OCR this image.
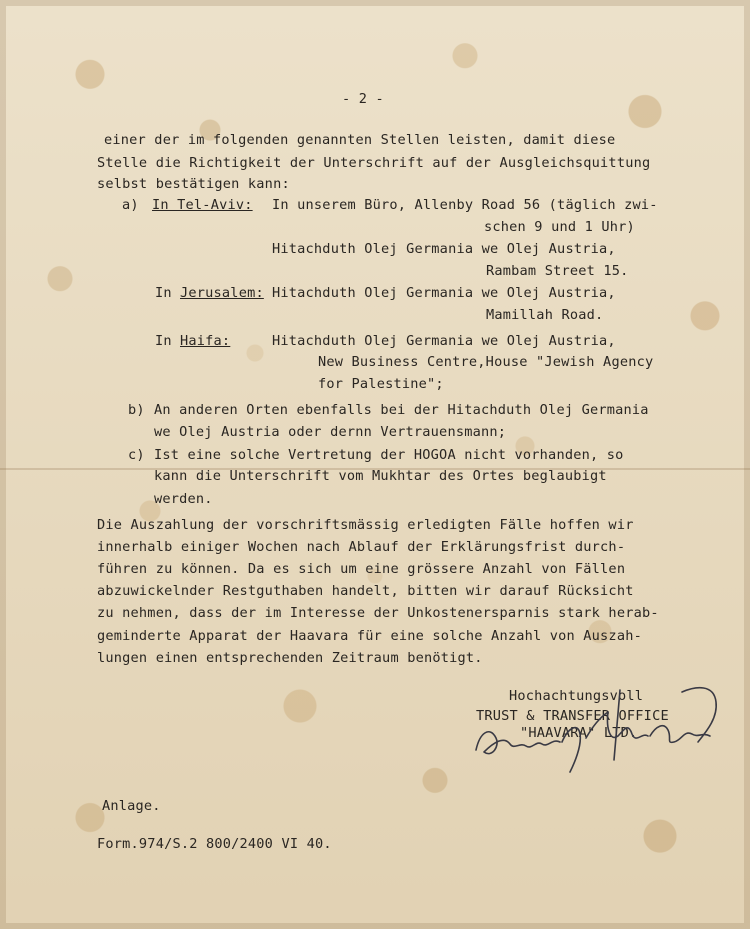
- 2 -
einer der im folgenden genannten Stellen leisten, damit diese
Stelle die Richtigkeit der Unterschrift auf der Ausgleichsquittung
selbst bestätigen kann:
a) In Tel-Aviv: In unserem Büro, Allenby Road 56 (täglich zwi-
schen 9 und 1 Uhr)
Hitachduth Olej Germania we Olej Austria,
Rambam Street 15.
In Jerusalem: Hitachduth Olej Germania we Olej Austria,
Mamillah Road.
In Haifa:	Hitachduth Olej Germania we Olej Austria,
New Business Centre,House "Jewish Agency
for Palestine";
b) An anderen Orten ebenfalls bei der Hitachduth Olej Germania
we Olej Austria oder dernn Vertrauensmann;
c) Ist eine solche Vertretung der HOGOA nicht vorhanden, so
kann die Unterschrift vom Mukhtar des Ortes beglaubigt
werden.
Die Auszahlung der vorschriftsmässig erledigten Fälle hoffen wir
innerhalb einiger Wochen nach Ablauf der Erklärungsfrist durch-
führen zu können. Da es sich um eine grössere Anzahl von Fällen
abzuwickelnder Restguthaben handelt, bitten wir darauf Rücksicht
zu nehmen, dass der im Interesse der Unkostenersparnis stark herab-
geminderte Apparat der Haavara für eine solche Anzahl von Auszah-
lungen einen entsprechenden Zeitraum benötigt.
Hochachtungsvoll
TRUST & TRANSFER OFFICE
"HAAVARA" LTD.
Anlage.
Form.974/S.2 800/2400 VI 40.
